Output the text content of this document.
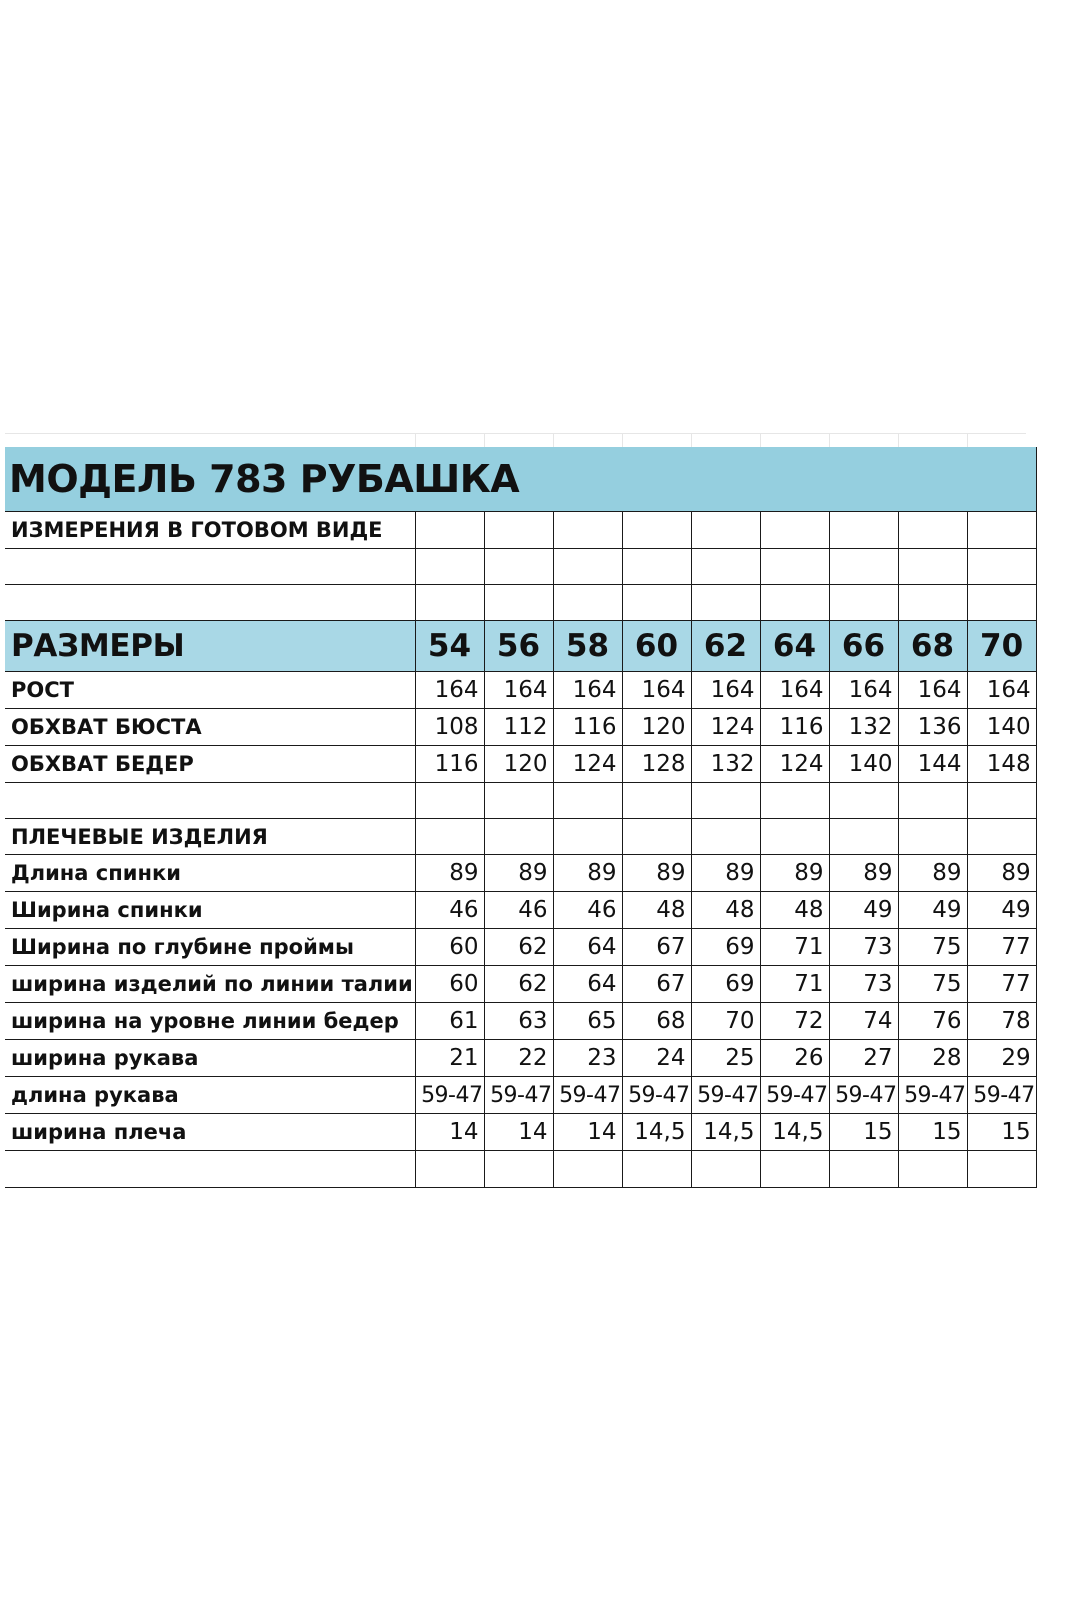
МОДЕЛЬ 783 РУБАШКА									
ИЗМЕРЕНИЯ В ГОТОВОМ ВИДЕ									

РАЗМЕРЫ	54	56	58	60	62	64	66	68	70
РОСТ	164	164	164	164	164	164	164	164	164
ОБХВАТ БЮСТА	108	112	116	120	124	116	132	136	140
ОБХВАТ БЕДЕР	116	120	124	128	132	124	140	144	148

ПЛЕЧЕВЫЕ ИЗДЕЛИЯ									
Длина спинки	89	89	89	89	89	89	89	89	89
Ширина спинки	46	46	46	48	48	48	49	49	49
Ширина по глубине проймы	60	62	64	67	69	71	73	75	77
ширина изделий по линии талии	60	62	64	67	69	71	73	75	77
ширина на уровне линии бедер	61	63	65	68	70	72	74	76	78
ширина рукава	21	22	23	24	25	26	27	28	29
длина рукава	59-47	59-47	59-47	59-47	59-47	59-47	59-47	59-47	59-47
ширина плеча	14	14	14	14,5	14,5	14,5	15	15	15
